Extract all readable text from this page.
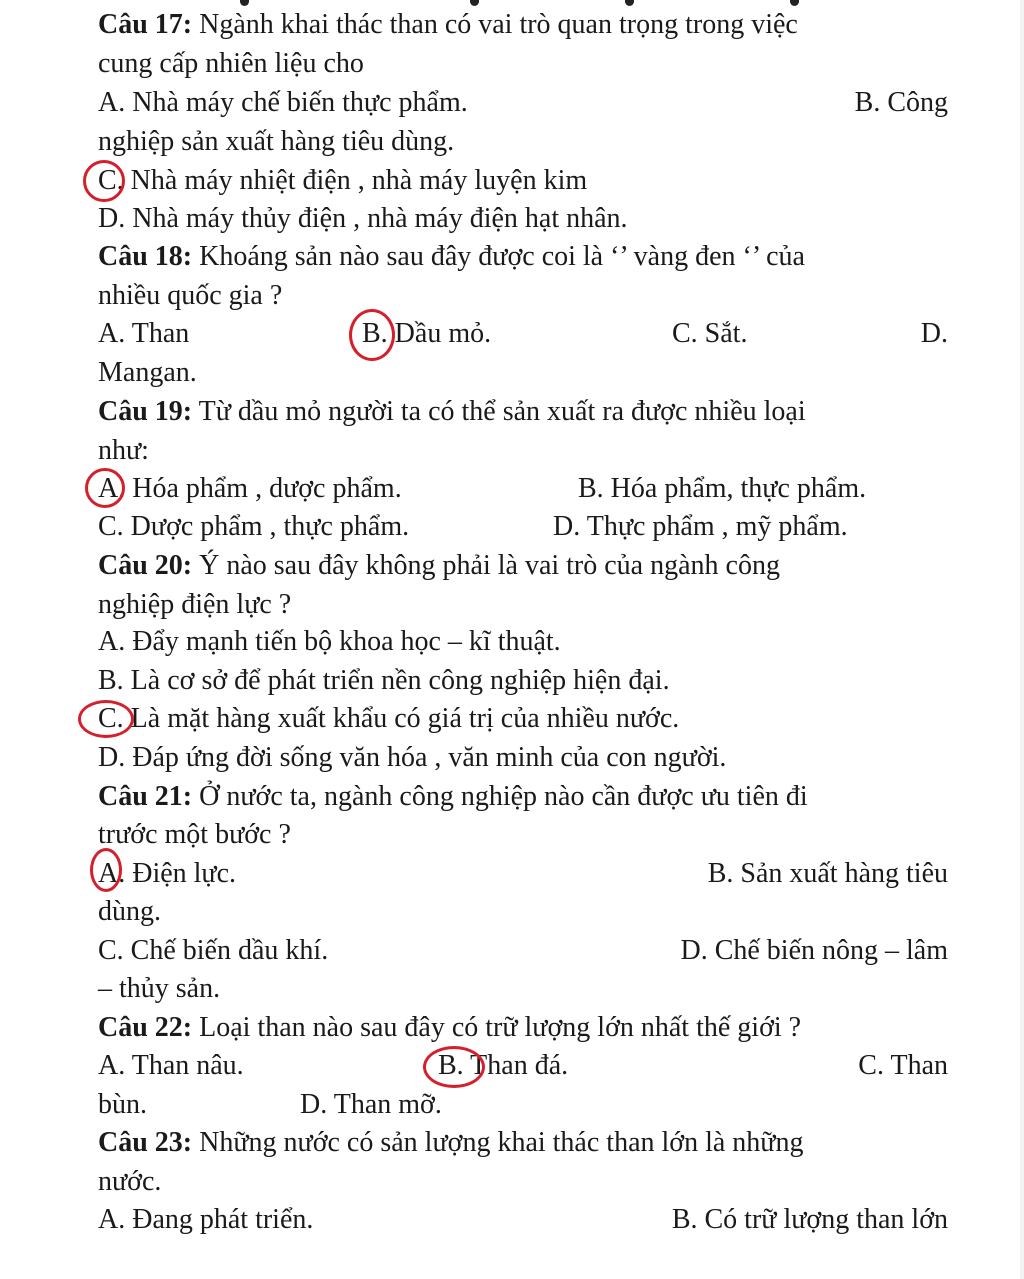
Câu 17: Ngành khai thác than có vai trò quan trọng trong việc
cung cấp nhiên liệu cho
A. Nhà máy chế biến thực phẩm.	B. Công
nghiệp sản xuất hàng tiêu dùng.
C. Nhà máy nhiệt điện , nhà máy luyện kim
D. Nhà máy thủy điện , nhà máy điện hạt nhân.
Câu 18: Khoáng sản nào sau đây được coi là ‘’ vàng đen ‘’ của
nhiều quốc gia ?
A. Than	B. Dầu mỏ.	C. Sắt.	D.
Mangan.
Câu 19: Từ dầu mỏ người ta có thể sản xuất ra được nhiều loại
như:
A. Hóa phẩm , dược phẩm.	B. Hóa phẩm, thực phẩm.
C. Dược phẩm , thực phẩm.	D. Thực phẩm , mỹ phẩm.
Câu 20: Ý nào sau đây không phải là vai trò của ngành công
nghiệp điện lực ?
A. Đẩy mạnh tiến bộ khoa học – kĩ thuật.
B. Là cơ sở để phát triển nền công nghiệp hiện đại.
C. Là mặt hàng xuất khẩu có giá trị của nhiều nước.
D. Đáp ứng đời sống văn hóa , văn minh của con người.
Câu 21: Ở nước ta, ngành công nghiệp nào cần được ưu tiên đi
trước một bước ?
A. Điện lực.	B. Sản xuất hàng tiêu
dùng.
C. Chế biến dầu khí.	D. Chế biến nông – lâm
– thủy sản.
Câu 22: Loại than nào sau đây có trữ lượng lớn nhất thế giới ?
A. Than nâu.	B. Than đá.	C. Than
bùn.	D. Than mỡ.
Câu 23: Những nước có sản lượng khai thác than lớn là những
nước.
A. Đang phát triển.	B. Có trữ lượng than lớn
